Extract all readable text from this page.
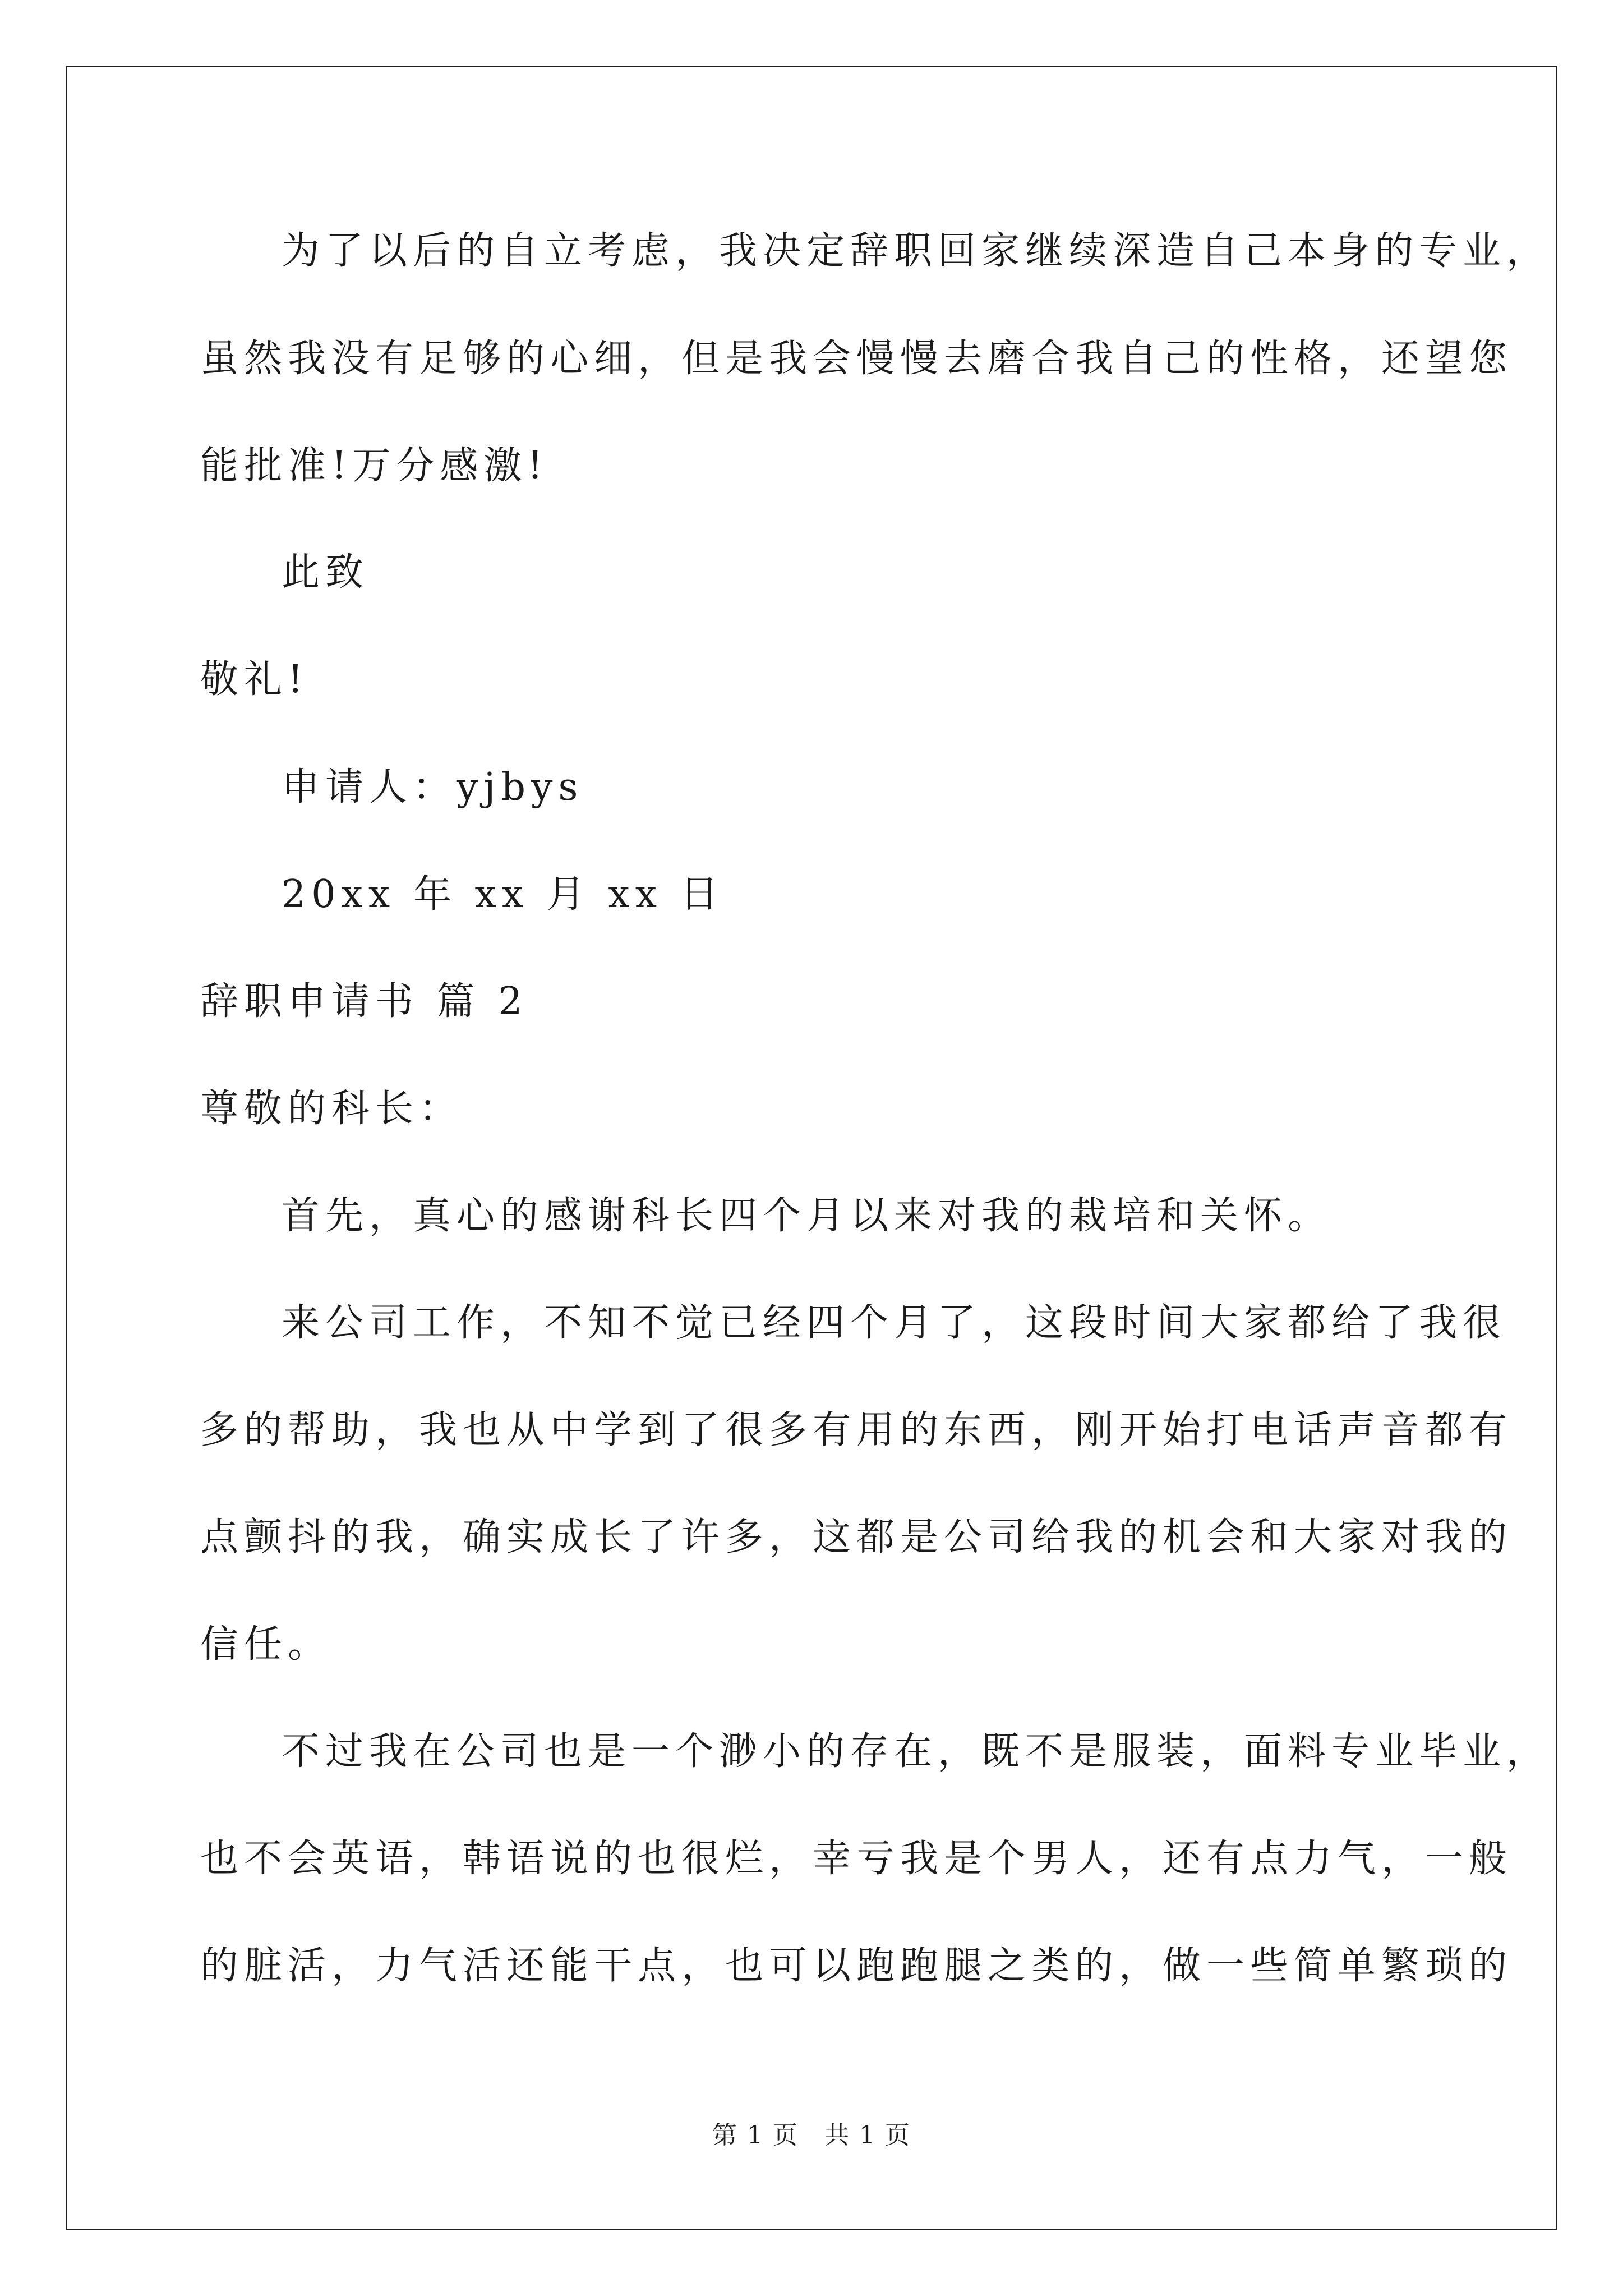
为了以后的自立考虑，我决定辞职回家继续深造自己本身的专业，
虽然我没有足够的心细，但是我会慢慢去磨合我自己的性格，还望您
能批准!万分感激!
此致
敬礼!
申请人：yjbys
20xx 年 xx 月 xx 日
辞职申请书 篇 2
尊敬的科长：
首先，真心的感谢科长四个月以来对我的栽培和关怀。
来公司工作，不知不觉已经四个月了，这段时间大家都给了我很
多的帮助，我也从中学到了很多有用的东西，刚开始打电话声音都有
点颤抖的我，确实成长了许多，这都是公司给我的机会和大家对我的
信任。
不过我在公司也是一个渺小的存在，既不是服装，面料专业毕业，
也不会英语，韩语说的也很烂，幸亏我是个男人，还有点力气，一般
的脏活，力气活还能干点，也可以跑跑腿之类的，做一些简单繁琐的
第 1 页　共 1 页
